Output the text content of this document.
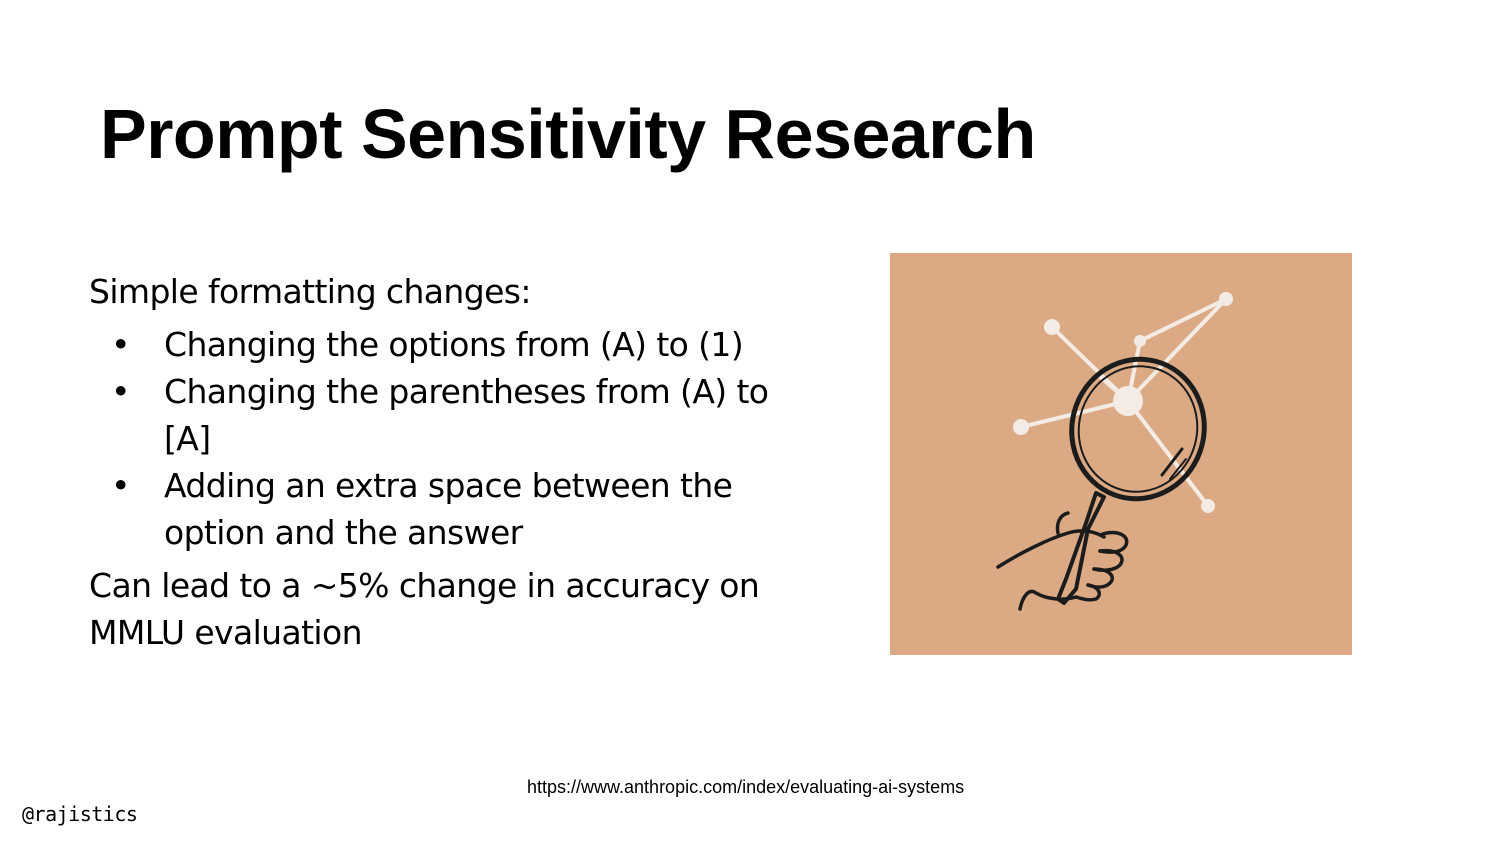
Prompt Sensitivity Research

Simple formatting changes:

• Changing the options from (A) to (1)
• Changing the parentheses from (A) to [A]
• Adding an extra space between the option and the answer

Can lead to a ~5% change in accuracy on MMLU evaluation

https://www.anthropic.com/index/evaluating-ai-systems
@rajistics
